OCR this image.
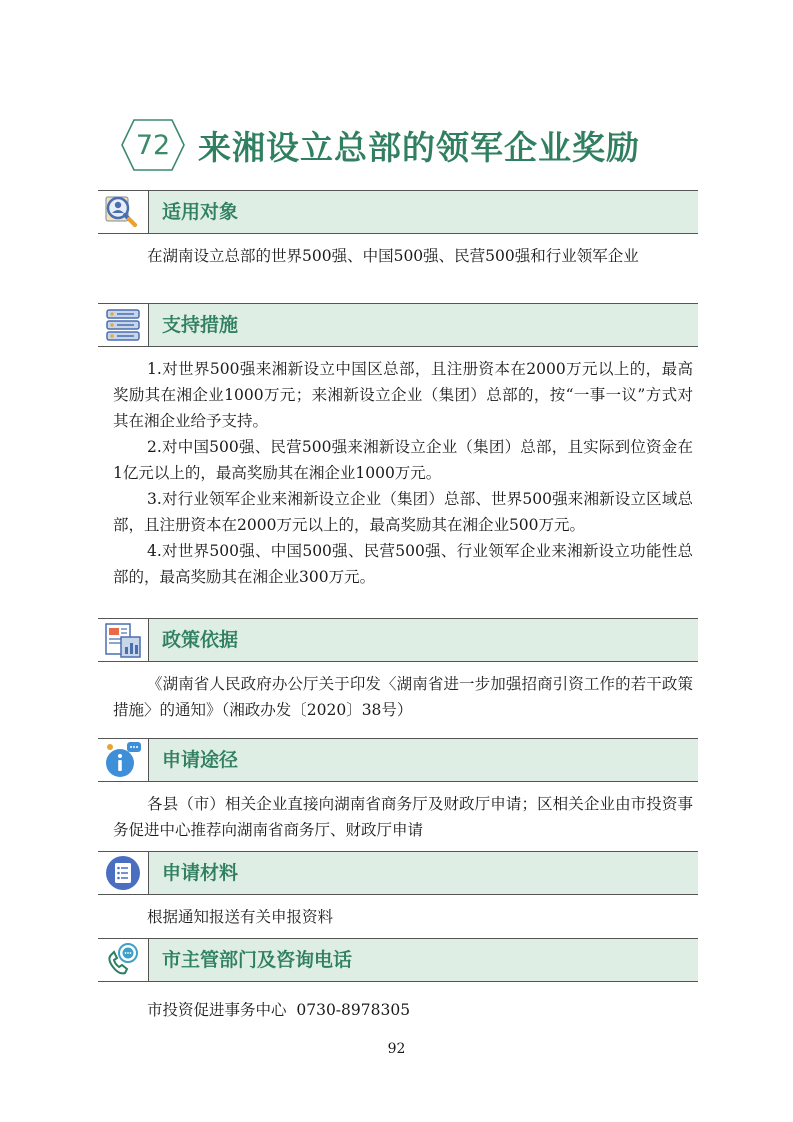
72 来湘设立总部的领军企业奖励
适用对象

在湖南设立总部的世界500强、中国500强、民营500强和行业领军企业

支持措施

1.对世界500强来湘新设立中国区总部，且注册资本在2000万元以上的，最高奖励其在湘企业1000万元；来湘新设立企业（集团）总部的，按“一事一议”方式对其在湘企业给予支持。

2.对中国500强、民营500强来湘新设立企业（集团）总部，且实际到位资金在1亿元以上的，最高奖励其在湘企业1000万元。

3.对行业领军企业来湘新设立企业（集团）总部、世界500强来湘新设立区域总部，且注册资本在2000万元以上的，最高奖励其在湘企业500万元。

4.对世界500强、中国500强、民营500强、行业领军企业来湘新设立功能性总部的，最高奖励其在湘企业300万元。

政策依据

《湖南省人民政府办公厅关于印发〈湖南省进一步加强招商引资工作的若干政策措施〉的通知》（湘政办发〔2020〕38号）

申请途径

各县（市）相关企业直接向湖南省商务厅及财政厅申请；区相关企业由市投资事务促进中心推荐向湖南省商务厅、财政厅申请

申请材料

根据通知报送有关申报资料

市主管部门及咨询电话

市投资促进事务中心  0730-8978305

92
